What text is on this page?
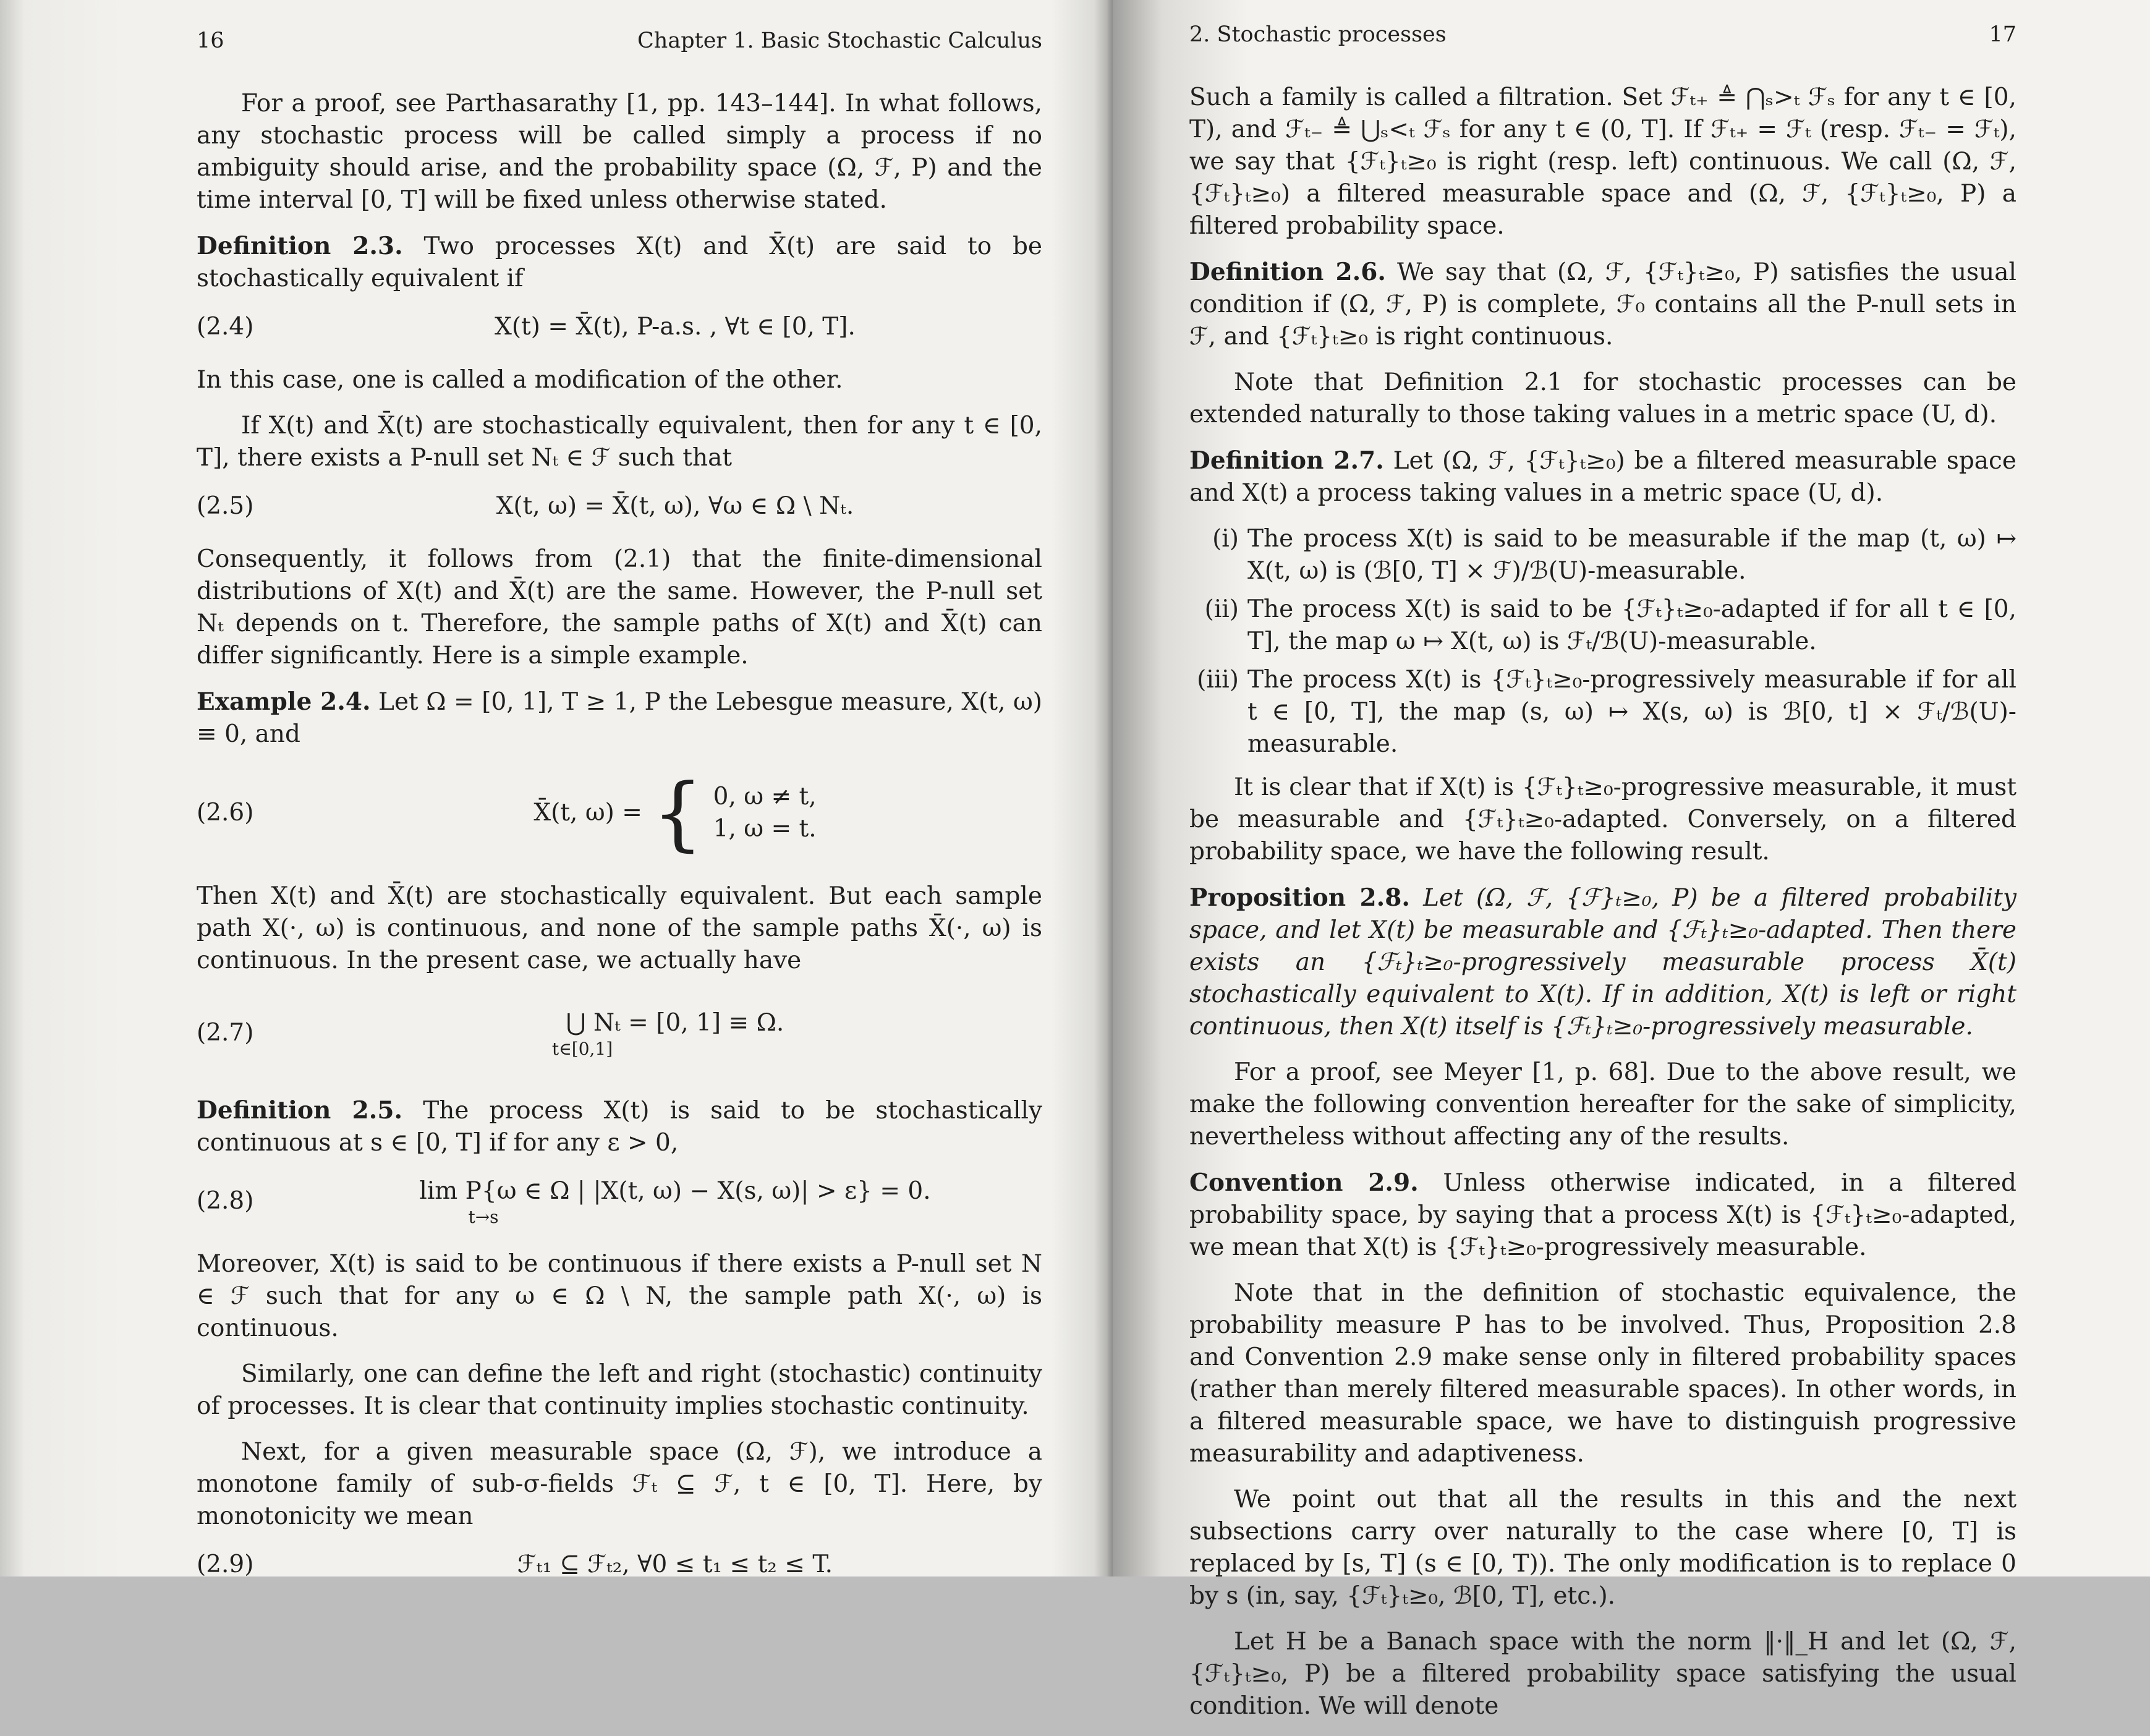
16	Chapter 1. Basic Stochastic Calculus

For a proof, see Parthasarathy [1, pp. 143–144]. In what follows, any stochastic process will be called simply a process if no ambiguity should arise, and the probability space (Ω, ℱ, P) and the time interval [0, T] will be fixed unless otherwise stated.

Definition 2.3. Two processes X(t) and X̄(t) are said to be stochastically equivalent if

(2.4)	X(t) = X̄(t), P-a.s. , ∀t ∈ [0, T].

In this case, one is called a modification of the other.

If X(t) and X̄(t) are stochastically equivalent, then for any t ∈ [0, T], there exists a P-null set Nₜ ∈ ℱ such that

(2.5)	X(t, ω) = X̄(t, ω), ∀ω ∈ Ω \ Nₜ.

Consequently, it follows from (2.1) that the finite-dimensional distributions of X(t) and X̄(t) are the same. However, the P-null set Nₜ depends on t. Therefore, the sample paths of X(t) and X̄(t) can differ significantly. Here is a simple example.

Example 2.4. Let Ω = [0, 1], T ≥ 1, P the Lebesgue measure, X(t, ω) ≡ 0, and

(2.6)	X̄(t, ω) = { 0, ω ≠ t,
1, ω = t.

Then X(t) and X̄(t) are stochastically equivalent. But each sample path X(·, ω) is continuous, and none of the sample paths X̄(·, ω) is continuous. In the present case, we actually have

(2.7)	⋃ Nₜ = [0, 1] ≡ Ω.
t∈[0,1]

Definition 2.5. The process X(t) is said to be stochastically continuous at s ∈ [0, T] if for any ε > 0,

(2.8)	lim P{ω ∈ Ω | |X(t, ω) − X(s, ω)| > ε} = 0.
t→s

Moreover, X(t) is said to be continuous if there exists a P-null set N ∈ ℱ such that for any ω ∈ Ω \ N, the sample path X(·, ω) is continuous.

Similarly, one can define the left and right (stochastic) continuity of processes. It is clear that continuity implies stochastic continuity.

Next, for a given measurable space (Ω, ℱ), we introduce a monotone family of sub-σ-fields ℱₜ ⊆ ℱ, t ∈ [0, T]. Here, by monotonicity we mean

(2.9)	ℱₜ₁ ⊆ ℱₜ₂, ∀0 ≤ t₁ ≤ t₂ ≤ T.
2. Stochastic processes	17

Such a family is called a filtration. Set ℱₜ₊ ≜ ⋂ₛ>ₜ ℱₛ for any t ∈ [0, T), and ℱₜ₋ ≜ ⋃ₛ<ₜ ℱₛ for any t ∈ (0, T]. If ℱₜ₊ = ℱₜ (resp. ℱₜ₋ = ℱₜ), we say that {ℱₜ}ₜ≥₀ is right (resp. left) continuous. We call (Ω, ℱ, {ℱₜ}ₜ≥₀) a filtered measurable space and (Ω, ℱ, {ℱₜ}ₜ≥₀, P) a filtered probability space.

Definition 2.6. We say that (Ω, ℱ, {ℱₜ}ₜ≥₀, P) satisfies the usual condition if (Ω, ℱ, P) is complete, ℱ₀ contains all the P-null sets in ℱ, and {ℱₜ}ₜ≥₀ is right continuous.

Note that Definition 2.1 for stochastic processes can be extended naturally to those taking values in a metric space (U, d).

Definition 2.7. Let (Ω, ℱ, {ℱₜ}ₜ≥₀) be a filtered measurable space and X(t) a process taking values in a metric space (U, d).

(i) The process X(t) is said to be measurable if the map (t, ω) ↦ X(t, ω) is (ℬ[0, T] × ℱ)/ℬ(U)-measurable.
(ii) The process X(t) is said to be {ℱₜ}ₜ≥₀-adapted if for all t ∈ [0, T], the map ω ↦ X(t, ω) is ℱₜ/ℬ(U)-measurable.
(iii) The process X(t) is {ℱₜ}ₜ≥₀-progressively measurable if for all t ∈ [0, T], the map (s, ω) ↦ X(s, ω) is ℬ[0, t] × ℱₜ/ℬ(U)-measurable.

It is clear that if X(t) is {ℱₜ}ₜ≥₀-progressive measurable, it must be measurable and {ℱₜ}ₜ≥₀-adapted. Conversely, on a filtered probability space, we have the following result.

Proposition 2.8. Let (Ω, ℱ, {ℱ}ₜ≥₀, P) be a filtered probability space, and let X(t) be measurable and {ℱₜ}ₜ≥₀-adapted. Then there exists an {ℱₜ}ₜ≥₀-progressively measurable process X̄(t) stochastically equivalent to X(t). If in addition, X(t) is left or right continuous, then X(t) itself is {ℱₜ}ₜ≥₀-progressively measurable.

For a proof, see Meyer [1, p. 68]. Due to the above result, we make the following convention hereafter for the sake of simplicity, nevertheless without affecting any of the results.

Convention 2.9. Unless otherwise indicated, in a filtered probability space, by saying that a process X(t) is {ℱₜ}ₜ≥₀-adapted, we mean that X(t) is {ℱₜ}ₜ≥₀-progressively measurable.

Note that in the definition of stochastic equivalence, the probability measure P has to be involved. Thus, Proposition 2.8 and Convention 2.9 make sense only in filtered probability spaces (rather than merely filtered measurable spaces). In other words, in a filtered measurable space, we have to distinguish progressive measurability and adaptiveness.

We point out that all the results in this and the next subsections carry over naturally to the case where [0, T] is replaced by [s, T] (s ∈ [0, T)). The only modification is to replace 0 by s (in, say, {ℱₜ}ₜ≥₀, ℬ[0, T], etc.).

Let H be a Banach space with the norm ‖·‖_H and let (Ω, ℱ, {ℱₜ}ₜ≥₀, P) be a filtered probability space satisfying the usual condition. We will denote
